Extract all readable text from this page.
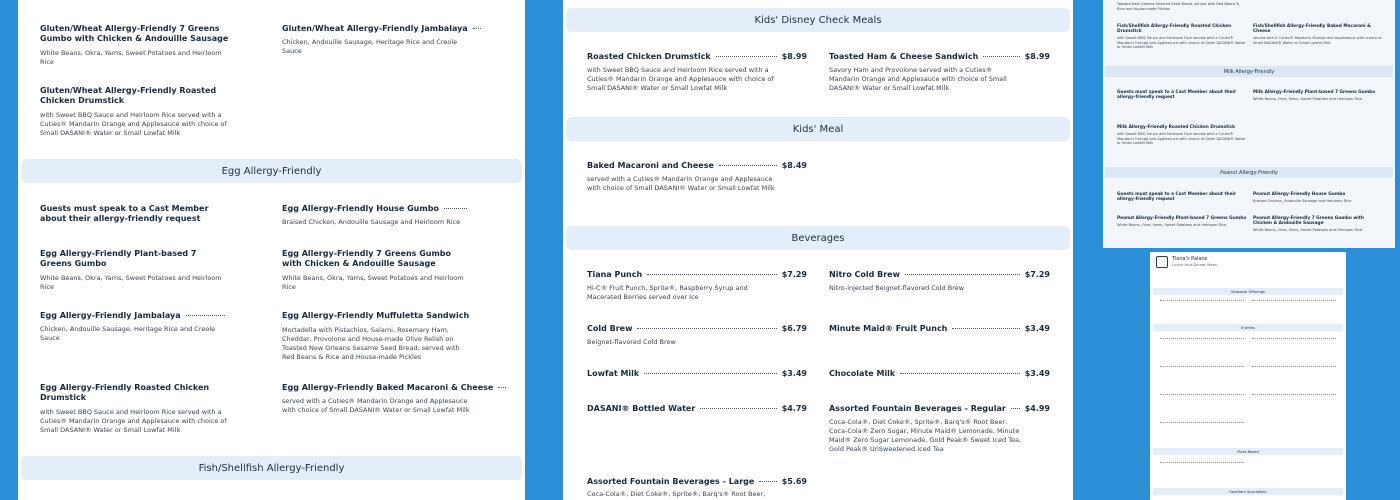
Gluten/Wheat Allergy-Friendly 7 Greens Gumbo with Chicken & Andouille Sausage
White Beans, Okra, Yams, Sweet Potatoes and Heirloom Rice
Gluten/Wheat Allergy-Friendly Jambalaya
Chicken, Andouille Sausage, Heritage Rice and Creole Sauce
Gluten/Wheat Allergy-Friendly Roasted Chicken Drumstick
with Sweet BBQ Sauce and Heirloom Rice served with a Cuties® Mandarin Orange and Applesauce with choice of Small DASANI® Water or Small Lowfat Milk
Egg Allergy-Friendly
Guests must speak to a Cast Member about their allergy-friendly request
Egg Allergy-Friendly House Gumbo
Braised Chicken, Andouille Sausage and Heirloom Rice
Egg Allergy-Friendly Plant-based 7 Greens Gumbo
White Beans, Okra, Yams, Sweet Potatoes and Heirloom Rice
Egg Allergy-Friendly 7 Greens Gumbo with Chicken & Andouille Sausage
White Beans, Okra, Yams, Sweet Potatoes and Heirloom Rice
Egg Allergy-Friendly Jambalaya
Chicken, Andouille Sausage, Heritage Rice and Creole Sauce
Egg Allergy-Friendly Muffuletta Sandwich
Mortadella with Pistachios, Salami, Rosemary Ham, Cheddar, Provolone and House-made Olive Relish on Toasted New Orleans Sesame Seed Bread, served with Red Beans & Rice and House-made Pickles
Egg Allergy-Friendly Roasted Chicken Drumstick
with Sweet BBQ Sauce and Heirloom Rice served with a Cuties® Mandarin Orange and Applesauce with choice of Small DASANI® Water or Small Lowfat Milk
Egg Allergy-Friendly Baked Macaroni & Cheese
served with a Cuties® Mandarin Orange and Applesauce with choice of Small DASANI® Water or Small Lowfat Milk
Fish/Shellfish Allergy-Friendly
Kids' Disney Check Meals
Roasted Chicken Drumstick	$8.99
with Sweet BBQ Sauce and Heirloom Rice served with a Cuties® Mandarin Orange and Applesauce with choice of Small DASANI® Water or Small Lowfat Milk
Toasted Ham & Cheese Sandwich	$8.99
Savory Ham and Provolone served with a Cuties® Mandarin Orange and Applesauce with choice of Small DASANI® Water or Small Lowfat Milk
Kids' Meal
Baked Macaroni and Cheese	$8.49
served with a Cuties® Mandarin Orange and Applesauce with choice of Small DASANI® Water or Small Lowfat Milk
Beverages
Tiana Punch	$7.29
Hi-C® Fruit Punch, Sprite®, Raspberry Syrup and Macerated Berries served over Ice
Nitro Cold Brew	$7.29
Nitro-injected Beignet-flavored Cold Brew
Cold Brew	$6.79
Beignet-flavored Cold Brew
Minute Maid® Fruit Punch	$3.49
Lowfat Milk	$3.49	Chocolate Milk	$3.49
DASANI® Bottled Water	$4.79	Assorted Fountain Beverages - Regular $4.99
Coca-Cola®, Diet Coke®, Sprite®, Barq's® Root Beer, Coca-Cola® Zero Sugar, Minute Maid® Lemonade, Minute Maid® Zero Sugar Lemonade, Gold Peak® Sweet Iced Tea, Gold Peak® UnSweetened Iced Tea
Assorted Fountain Beverages - Large	$5.69
Coca-Cola®, Diet Coke®, Sprite®, Barq's® Root Beer,
Toasted New Orleans Sesame Seed Bread, served with Red Beans & Rice and House-made Pickles
Fish/Shellfish Allergy-Friendly Roasted Chicken Drumstick
with Sweet BBQ Sauce and Heirloom Rice served with a Cuties® Mandarin Orange and Applesauce with choice of Small DASANI® Water or Small Lowfat Milk
Fish/Shellfish Allergy-Friendly Baked Macaroni & Cheese
served with a Cuties® Mandarin Orange and Applesauce with choice of Small DASANI® Water or Small Lowfat Milk
Milk Allergy-Friendly
Guests must speak to a Cast Member about their allergy-friendly request
Milk Allergy-Friendly Plant-based 7 Greens Gumbo
White Beans, Okra, Yams, Sweet Potatoes and Heirloom Rice
Milk Allergy-Friendly Roasted Chicken Drumstick
with Sweet BBQ Sauce and Heirloom Rice served with a Cuties® Mandarin Orange and Applesauce with choice of Small DASANI® Water or Small Lowfat Milk
Peanut Allergy-Friendly
Guests must speak to a Cast Member about their allergy-friendly request
Peanut Allergy-Friendly House Gumbo
Braised Chicken, Andouille Sausage and Heirloom Rice
Peanut Allergy-Friendly Plant-based 7 Greens Gumbo
White Beans, Okra, Yams, Sweet Potatoes and Heirloom Rice
Peanut Allergy-Friendly 7 Greens Gumbo with Chicken & Andouille Sausage
White Beans, Okra, Yams, Sweet Potatoes and Heirloom Rice
Tiana's Palace
Lunch And Dinner Menu
Seasonal Offerings

Entrées

Plant-Based

Southern Specialties
